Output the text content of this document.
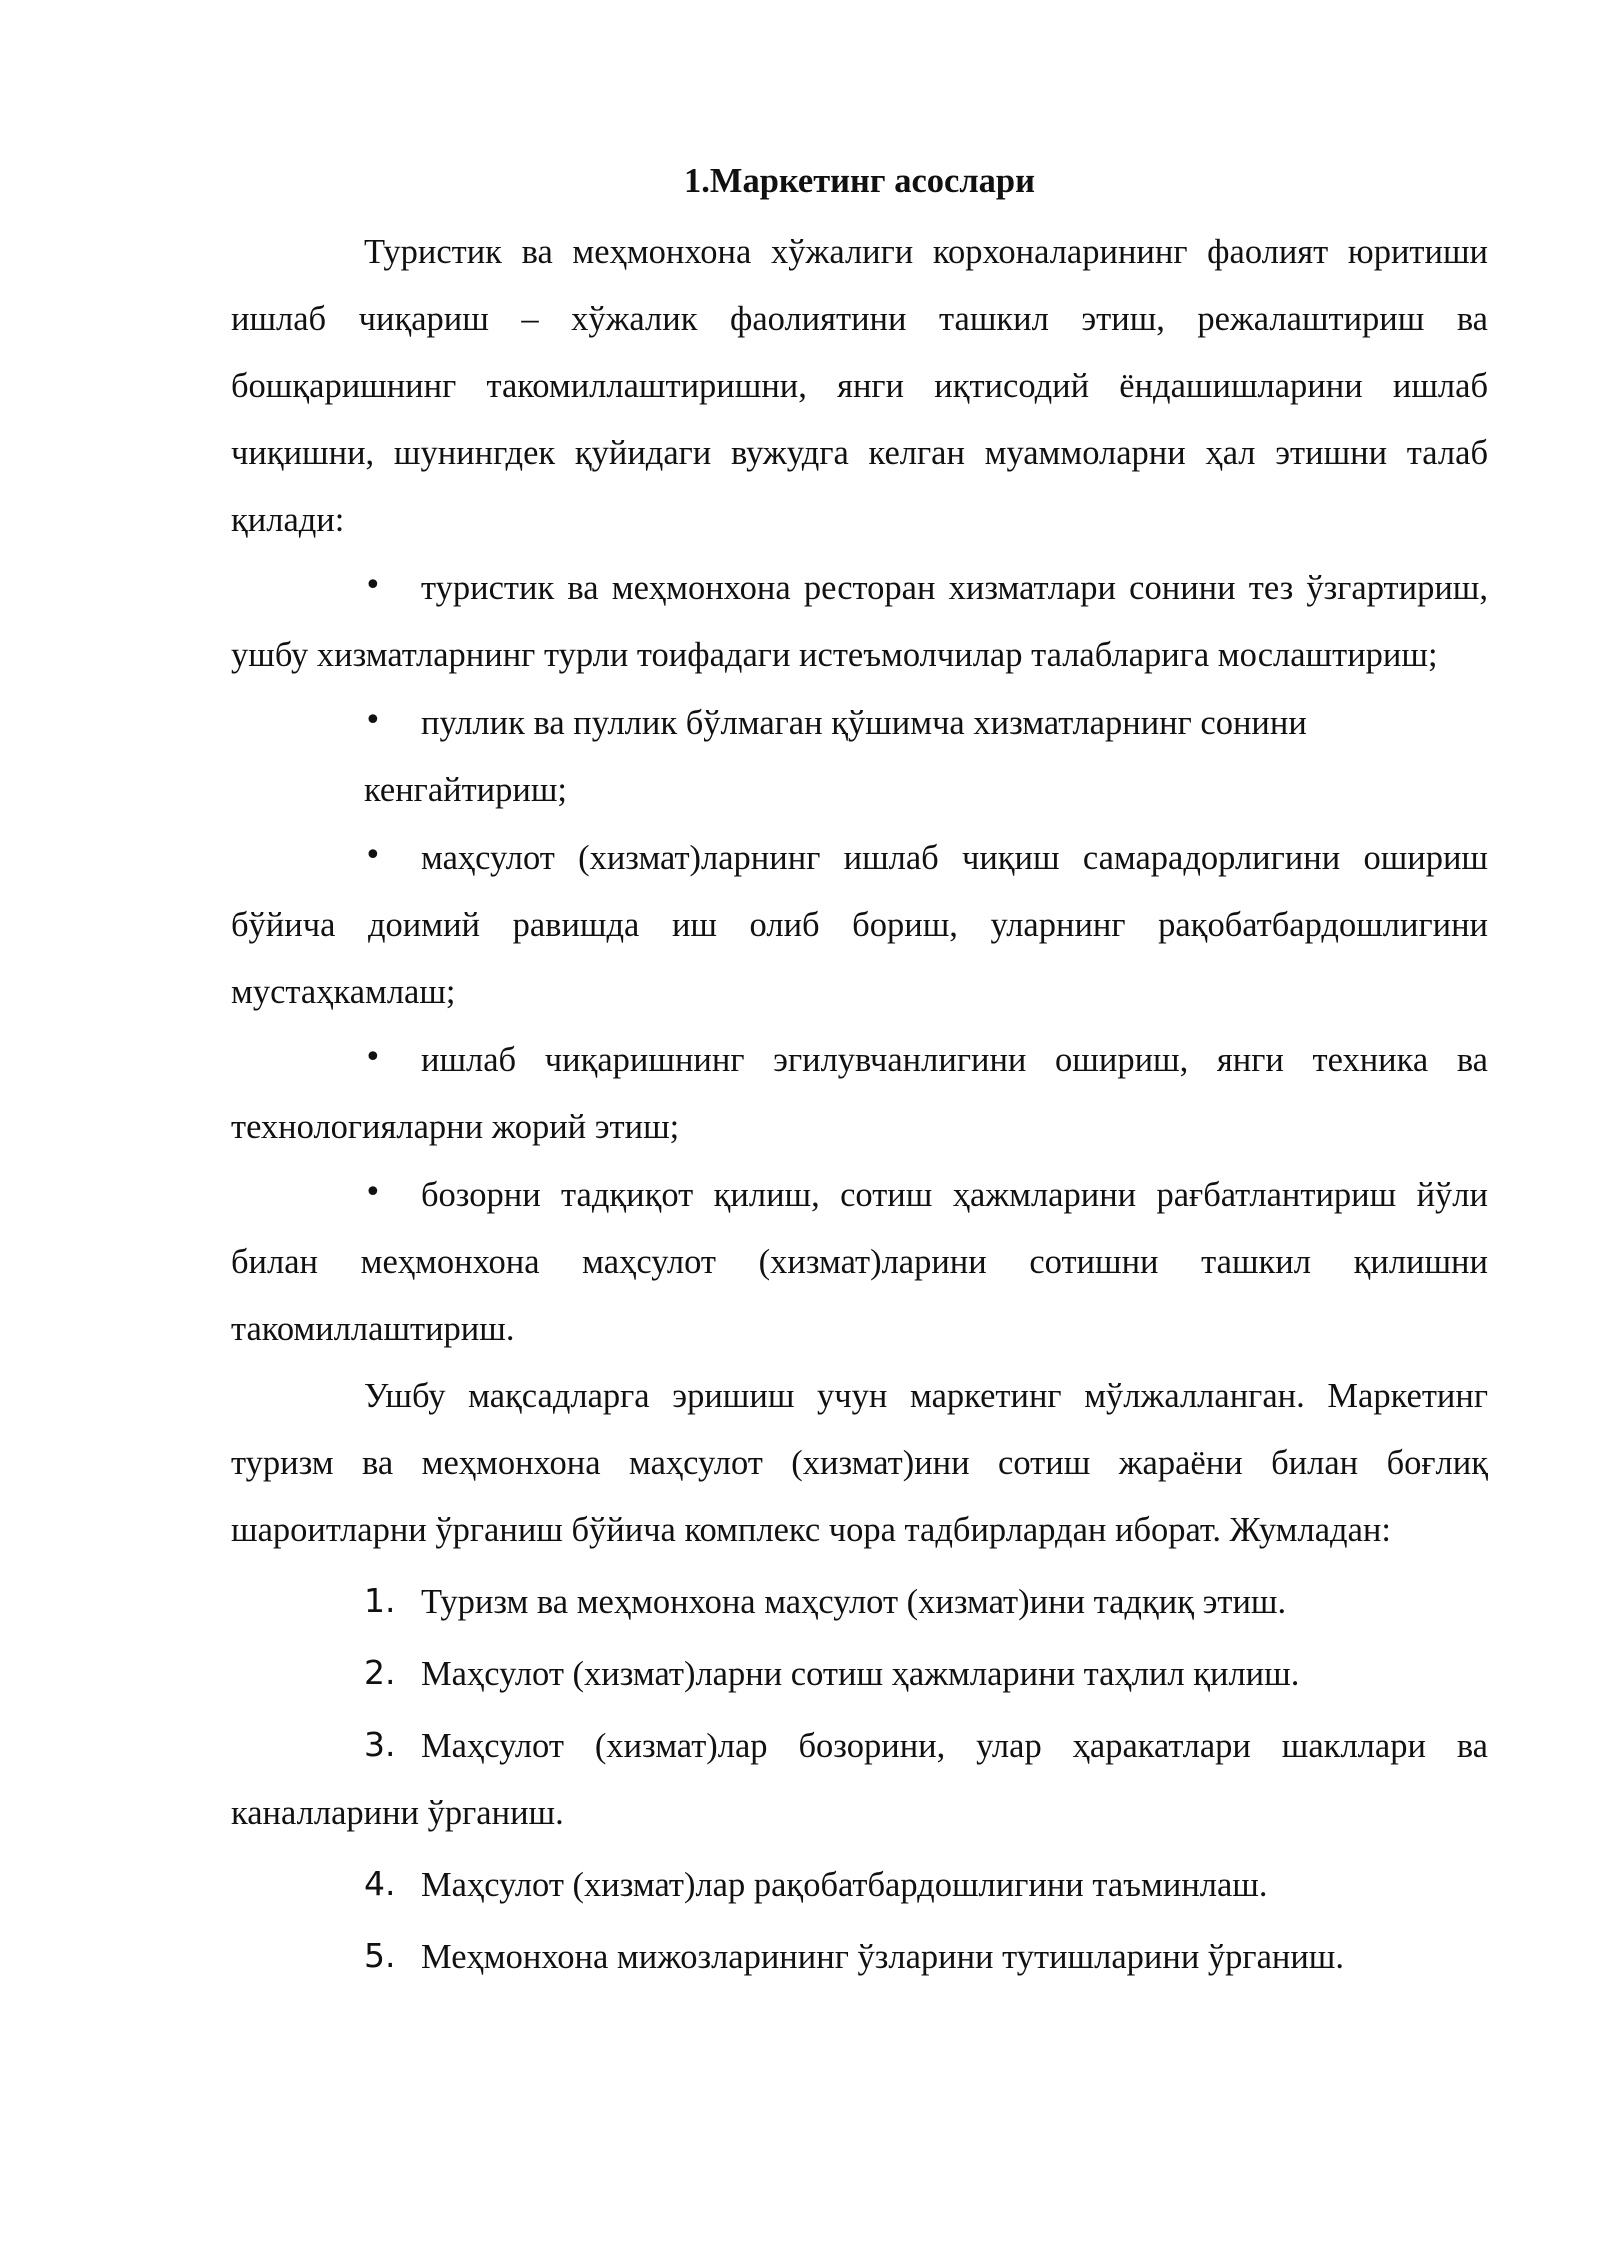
1.Маркетинг асослари

Туристик ва меҳмонхона хўжалиги корхоналарининг фаолият юритиши ишлаб чиқариш – хўжалик фаолиятини ташкил этиш, режалаштириш ва бошқаришнинг такомиллаштиришни, янги иқтисодий ёндашишларини ишлаб чиқишни, шунингдек қуйидаги вужудга келган муаммоларни ҳал этишни талаб қилади:

• туристик ва меҳмонхона ресторан хизматлари сонини тез ўзгартириш, ушбу хизматларнинг турли тоифадаги истеъмолчилар талабларига мослаштириш;

• пуллик ва пуллик бўлмаган қўшимча хизматларнинг сонини

кенгайтириш;

• маҳсулот (хизмат)ларнинг ишлаб чиқиш самарадорлигини ошириш бўйича доимий равишда иш олиб бориш, уларнинг рақобатбардошлигини мустаҳкамлаш;

• ишлаб чиқаришнинг эгилувчанлигини ошириш, янги техника ва технологияларни жорий этиш;

• бозорни тадқиқот қилиш, сотиш ҳажмларини рағбатлантириш йўли билан меҳмонхона маҳсулот (хизмат)ларини сотишни ташкил қилишни такомиллаштириш.

Ушбу мақсадларга эришиш учун маркетинг мўлжалланган. Маркетинг туризм ва меҳмонхона маҳсулот (хизмат)ини сотиш жараёни билан боғлиқ шароитларни ўрганиш бўйича комплекс чора тадбирлардан иборат. Жумладан:

1. Туризм ва меҳмонхона маҳсулот (хизмат)ини тадқиқ этиш.

2. Маҳсулот (хизмат)ларни сотиш ҳажмларини таҳлил қилиш.

3. Маҳсулот (хизмат)лар бозорини, улар ҳаракатлари шакллари ва каналларини ўрганиш.

4. Маҳсулот (хизмат)лар рақобатбардошлигини таъминлаш.

5. Меҳмонхона мижозларининг ўзларини тутишларини ўрганиш.
